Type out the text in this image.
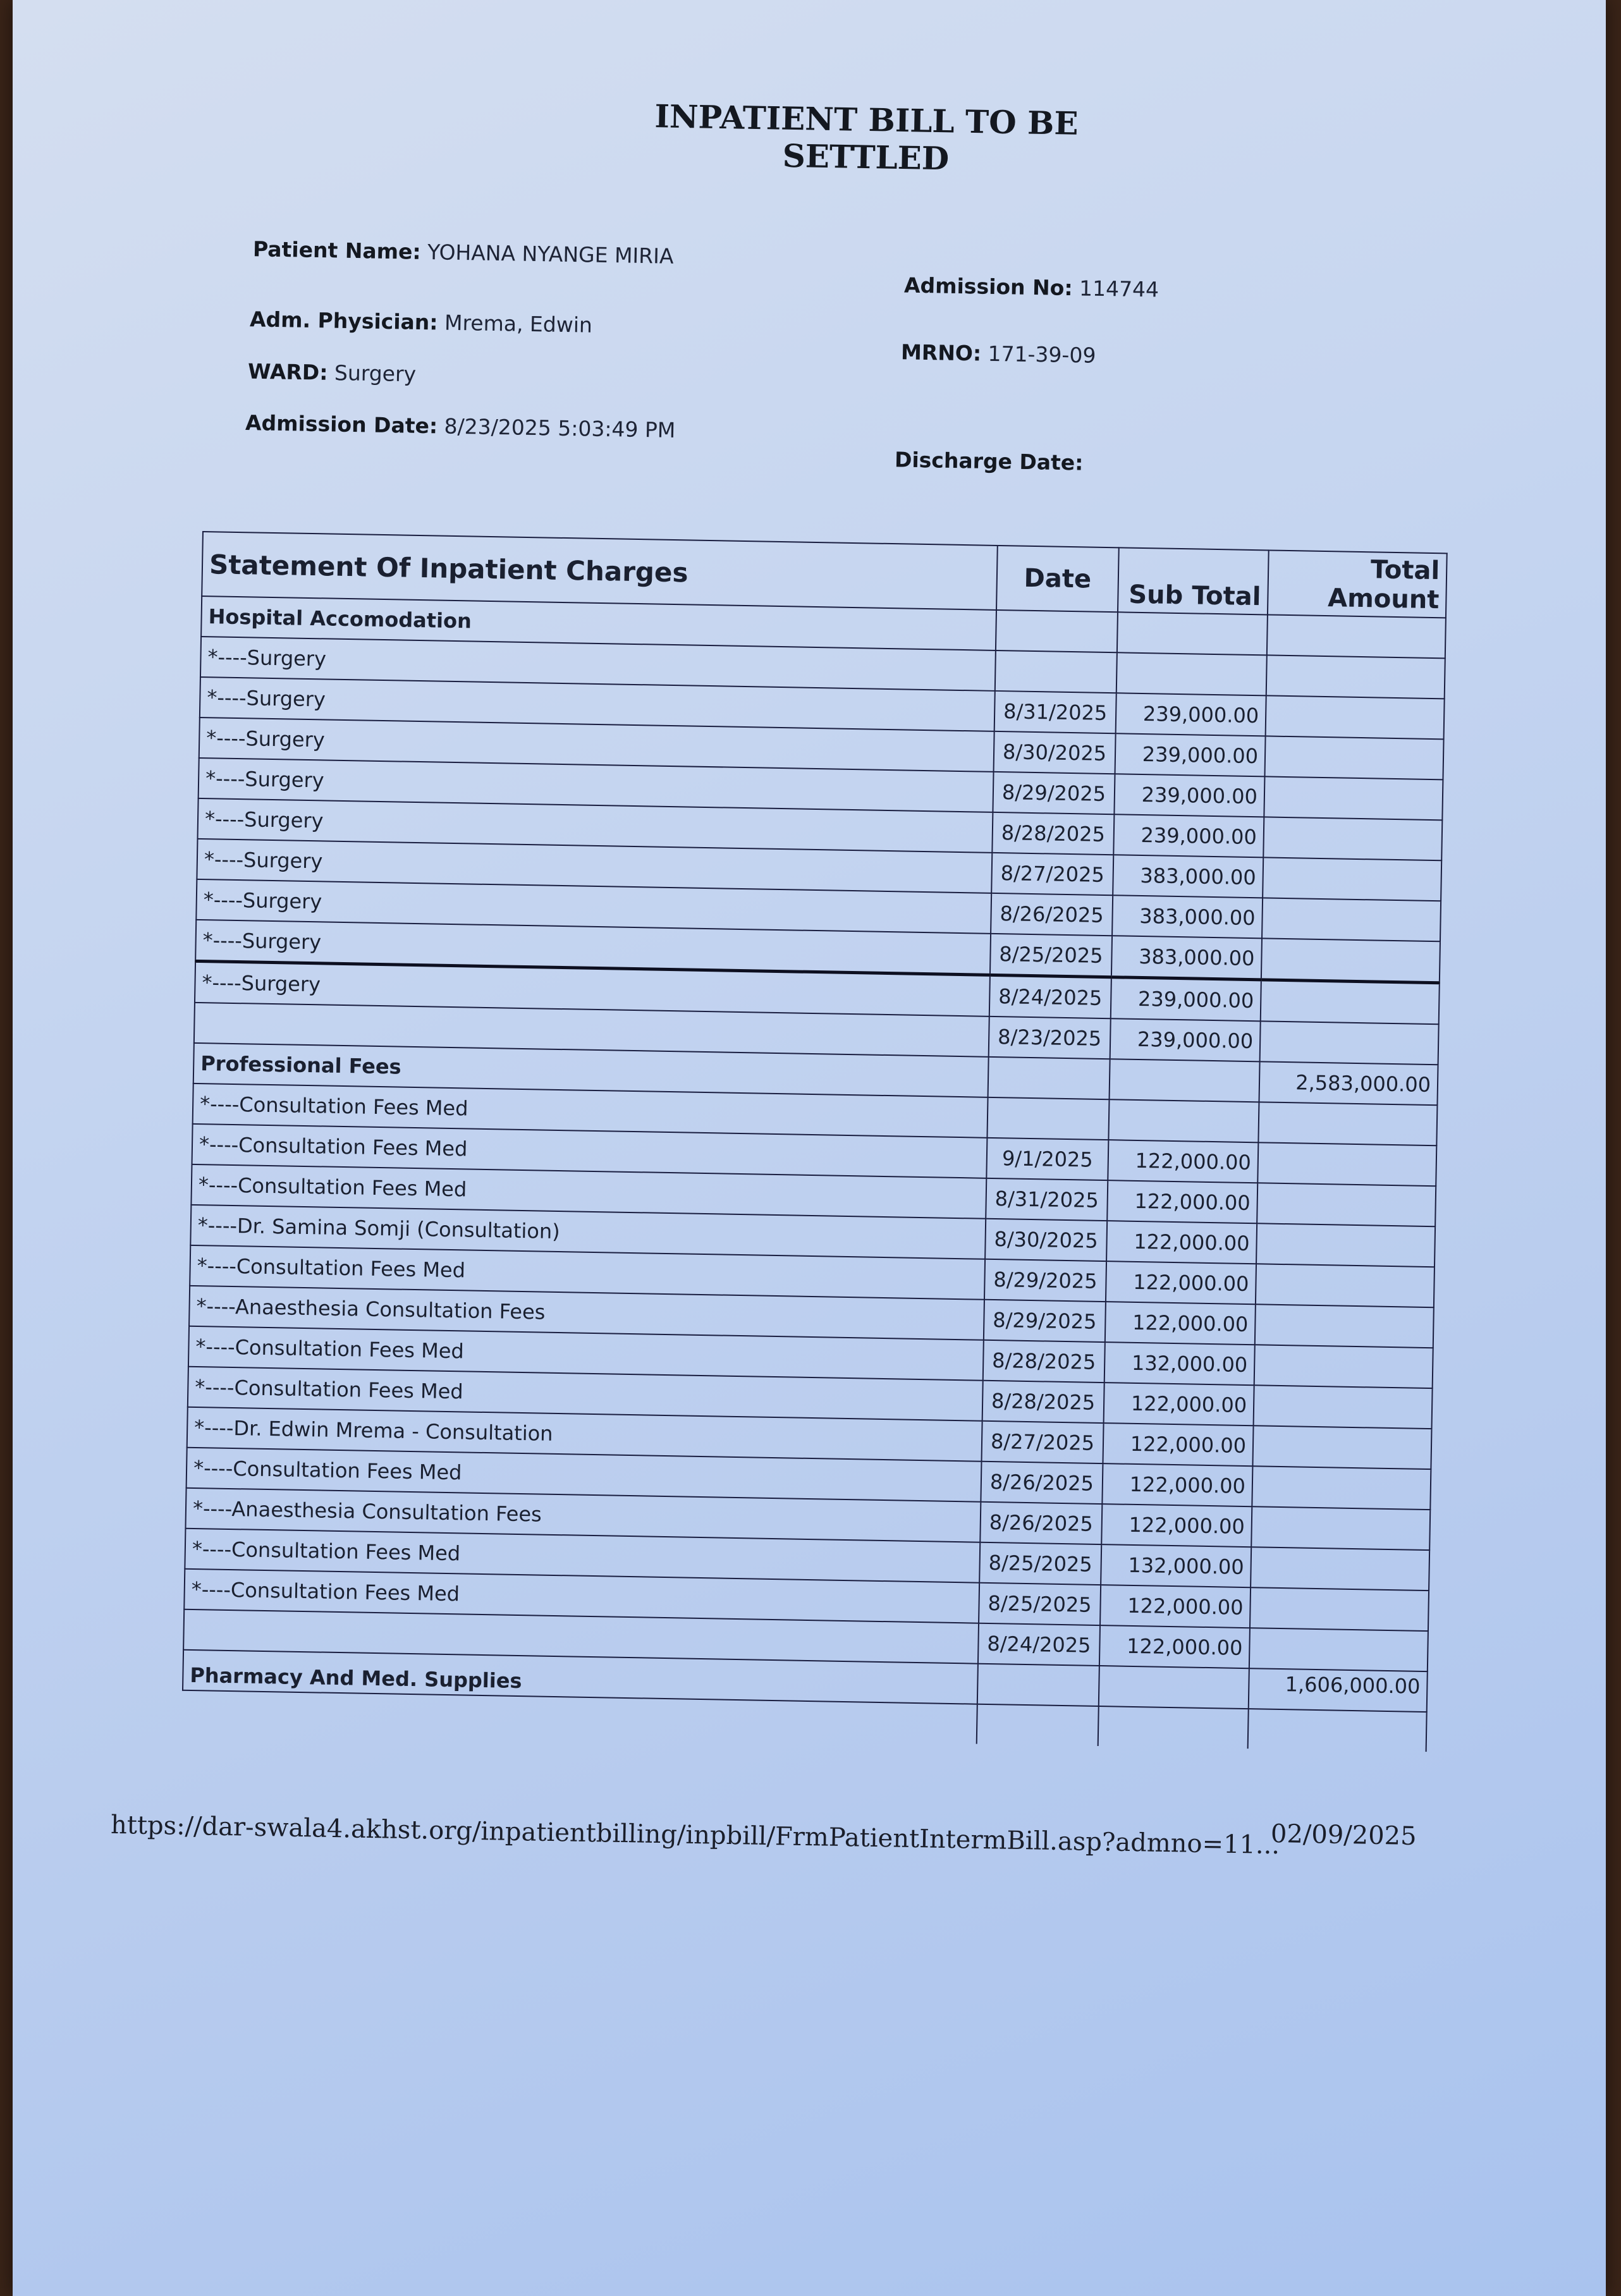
INPATIENT BILL TO BE SETTLED
Patient Name: YOHANA NYANGE MIRIA
Adm. Physician: Mrema, Edwin
WARD: Surgery
Admission Date: 8/23/2025 5:03:49 PM
Admission No: 114744
MRNO: 171-39-09
Discharge Date:
Statement Of Inpatient Charges	Date	Sub Total	Total Amount
Hospital Accomodation			
*----Surgery			
*----Surgery	8/31/2025	239,000.00	
*----Surgery	8/30/2025	239,000.00	
*----Surgery	8/29/2025	239,000.00	
*----Surgery	8/28/2025	239,000.00	
*----Surgery	8/27/2025	383,000.00	
*----Surgery	8/26/2025	383,000.00	
*----Surgery	8/25/2025	383,000.00	
*----Surgery	8/24/2025	239,000.00	
	8/23/2025	239,000.00	
Professional Fees			2,583,000.00
*----Consultation Fees Med			
*----Consultation Fees Med	9/1/2025	122,000.00	
*----Consultation Fees Med	8/31/2025	122,000.00	
*----Dr. Samina Somji (Consultation)	8/30/2025	122,000.00	
*----Consultation Fees Med	8/29/2025	122,000.00	
*----Anaesthesia Consultation Fees	8/29/2025	122,000.00	
*----Consultation Fees Med	8/28/2025	132,000.00	
*----Consultation Fees Med	8/28/2025	122,000.00	
*----Dr. Edwin Mrema - Consultation	8/27/2025	122,000.00	
*----Consultation Fees Med	8/26/2025	122,000.00	
*----Anaesthesia Consultation Fees	8/26/2025	122,000.00	
*----Consultation Fees Med	8/25/2025	132,000.00	
*----Consultation Fees Med	8/25/2025	122,000.00	
	8/24/2025	122,000.00	
Pharmacy And Med. Supplies			1,606,000.00

https://dar-swala4.akhst.org/inpatientbilling/inpbill/FrmPatientIntermBill.asp?admno=11...
02/09/2025
